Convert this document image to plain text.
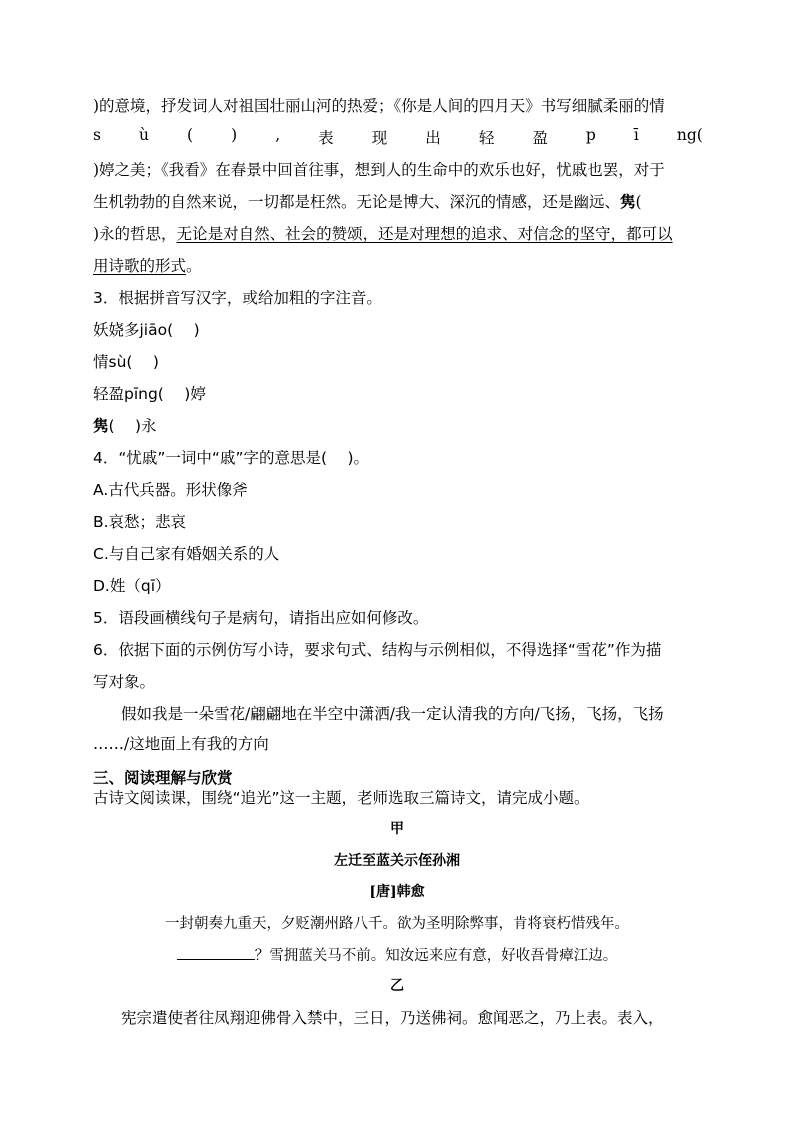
)的意境，抒发词人对祖国壮丽山河的热爱；《你是人间的四月天》书写细腻柔丽的情
s ù ( ) , 表 现 出 轻 盈 p ī ng(
)婷之美；《我看》在春景中回首往事，想到人的生命中的欢乐也好，忧戚也罢，对于
生机勃勃的自然来说，一切都是枉然。无论是博大、深沉的情感，还是幽远、隽(
)永的哲思，无论是对自然、社会的赞颂，还是对理想的追求、对信念的坚守，都可以
用诗歌的形式。
3．根据拼音写汉字，或给加粗的字注音。
妖娆多jiāo(　 )
情sù(　 )
轻盈pīng(　 )婷
隽(　 )永
4．“忧戚”一词中“戚”字的意思是(　 )。
A.古代兵器。形状像斧
B.哀愁；悲哀
C.与自己家有婚姻关系的人
D.姓（qī）
5．语段画横线句子是病句，请指出应如何修改。
6．依据下面的示例仿写小诗，要求句式、结构与示例相似，不得选择“雪花”作为描
写对象。
假如我是一朵雪花/翩翩地在半空中潇洒/我一定认清我的方向/飞扬，飞扬，飞扬
……/这地面上有我的方向
三、阅读理解与欣赏
古诗文阅读课，围绕“追光”这一主题，老师选取三篇诗文，请完成小题。
甲
左迁至蓝关示侄孙湘
[唐]韩愈
一封朝奏九重天，夕贬潮州路八千。欲为圣明除弊事，肯将衰朽惜残年。
？雪拥蓝关马不前。知汝远来应有意，好收吾骨瘴江边。
乙
宪宗遣使者往凤翔迎佛骨入禁中，三日，乃送佛祠。愈闻恶之，乃上表。表入，
